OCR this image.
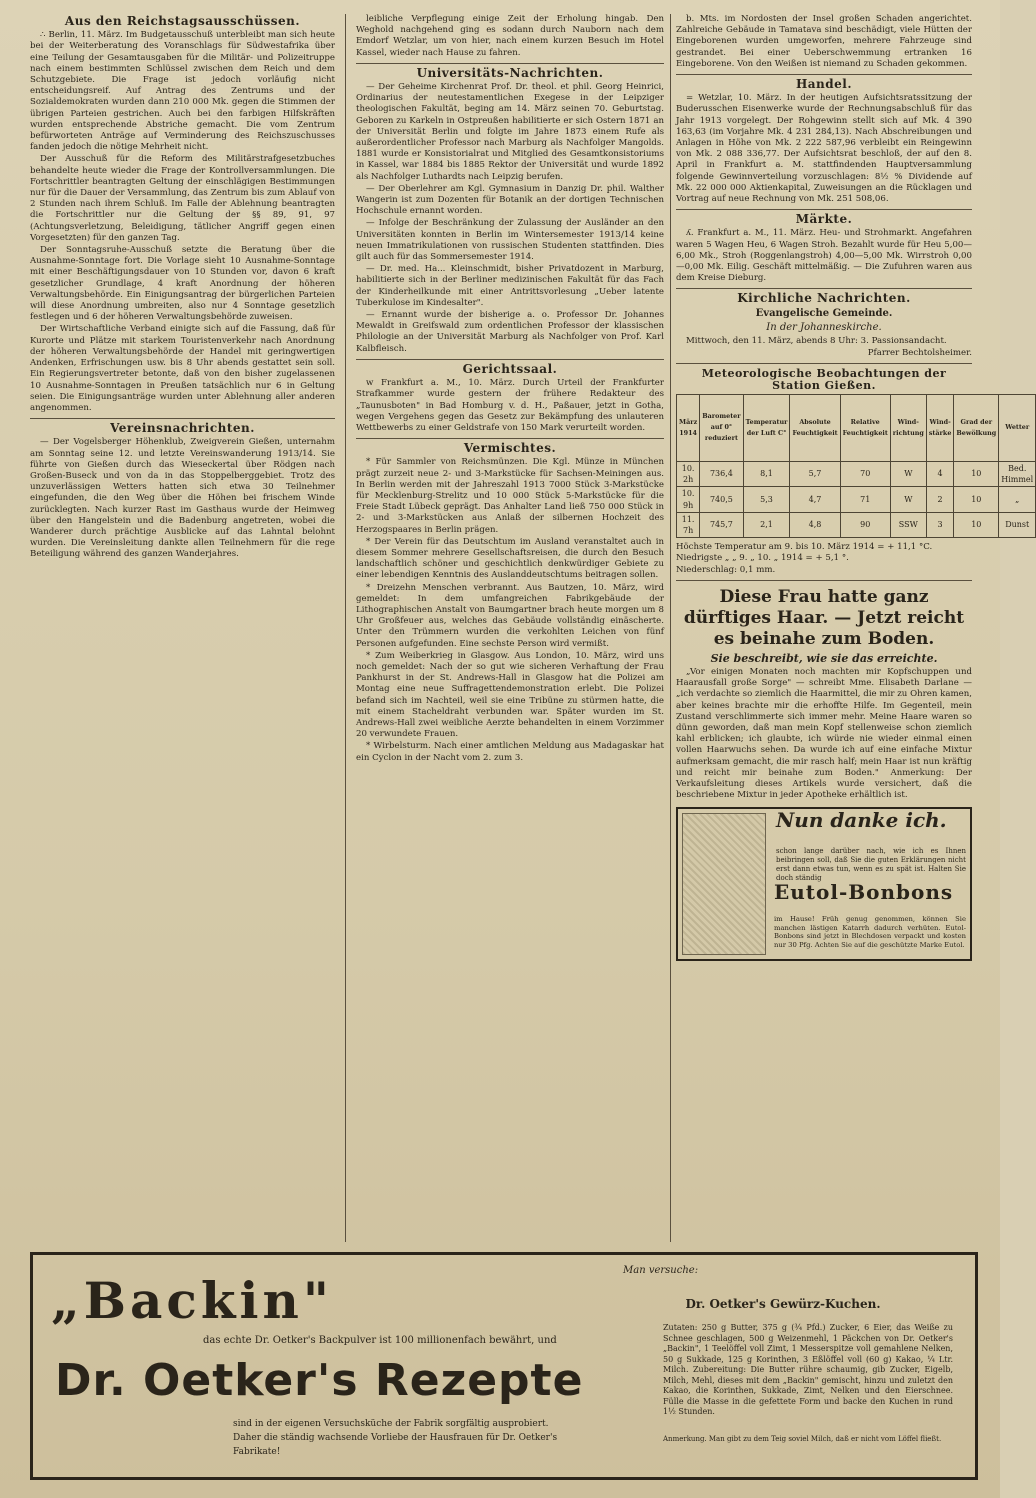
Aus den Reichstagsausschüssen.

∴ Berlin, 11. März. Im Budgetausschuß unterbleibt man sich heute bei der Weiterberatung des Voranschlags für Südwestafrika über eine Teilung der Gesamtausgaben für die Militär- und Polizeitruppe nach einem bestimmten Schlüssel zwischen dem Reich und dem Schutzgebiete. Die Frage ist jedoch vorläufig nicht entscheidungsreif. Auf Antrag des Zentrums und der Sozialdemokraten wurden dann 210 000 Mk. gegen die Stimmen der übrigen Parteien gestrichen. Auch bei den farbigen Hilfskräften wurden entsprechende Abstriche gemacht. Die vom Zentrum befürworteten Anträge auf Verminderung des Reichszuschusses fanden jedoch die nötige Mehrheit nicht.

Der Ausschuß für die Reform des Militärstrafgesetzbuches behandelte heute wieder die Frage der Kontrollversammlungen. Die Fortschrittler beantragten Geltung der einschlägigen Bestimmungen nur für die Dauer der Versammlung, das Zentrum bis zum Ablauf von 2 Stunden nach ihrem Schluß. Im Falle der Ablehnung beantragten die Fortschrittler nur die Geltung der §§ 89, 91, 97 (Achtungsverletzung, Beleidigung, tätlicher Angriff gegen einen Vorgesetzten) für den ganzen Tag.

Der Sonntagsruhe-Ausschuß setzte die Beratung über die Ausnahme-Sonntage fort. Die Vorlage sieht 10 Ausnahme-Sonntage mit einer Beschäftigungsdauer von 10 Stunden vor, davon 6 kraft gesetzlicher Grundlage, 4 kraft Anordnung der höheren Verwaltungsbehörde. Ein Einigungsantrag der bürgerlichen Parteien will diese Anordnung umbreiten, also nur 4 Sonntage gesetzlich festlegen und 6 der höheren Verwaltungsbehörde zuweisen.

Der Wirtschaftliche Verband einigte sich auf die Fassung, daß für Kurorte und Plätze mit starkem Touristenverkehr nach Anordnung der höheren Verwaltungsbehörde der Handel mit geringwertigen Andenken, Erfrischungen usw. bis 8 Uhr abends gestattet sein soll. Ein Regierungsvertreter betonte, daß von den bisher zugelassenen 10 Ausnahme-Sonntagen in Preußen tatsächlich nur 6 in Geltung seien. Die Einigungsanträge wurden unter Ablehnung aller anderen angenommen.

Vereinsnachrichten.

— Der Vogelsberger Höhenklub, Zweigverein Gießen, unternahm am Sonntag seine 12. und letzte Vereinswanderung 1913/14. Sie führte von Gießen durch das Wieseckertal über Rödgen nach Großen-Buseck und von da in das Stoppelberggebiet. Trotz des unzuverlässigen Wetters hatten sich etwa 30 Teilnehmer eingefunden, die den Weg über die Höhen bei frischem Winde zurücklegten. Nach kurzer Rast im Gasthaus wurde der Heimweg über den Hangelstein und die Badenburg angetreten, wobei die Wanderer durch prächtige Ausblicke auf das Lahntal belohnt wurden. Die Vereinsleitung dankte allen Teilnehmern für die rege Beteiligung während des ganzen Wanderjahres.

leibliche Verpflegung einige Zeit der Erholung hingab. Den Weghold nachgehend ging es sodann durch Nauborn nach dem Emdorf Wetzlar, um von hier, nach einem kurzen Besuch im Hotel Kassel, wieder nach Hause zu fahren.

Universitäts-Nachrichten.

— Der Geheime Kirchenrat Prof. Dr. theol. et phil. Georg Heinrici, Ordinarius der neutestamentlichen Exegese in der Leipziger theologischen Fakultät, beging am 14. März seinen 70. Geburtstag. Geboren zu Karkeln in Ostpreußen habilitierte er sich Ostern 1871 an der Universität Berlin und folgte im Jahre 1873 einem Rufe als außerordentlicher Professor nach Marburg als Nachfolger Mangolds. 1881 wurde er Konsistorialrat und Mitglied des Gesamtkonsistoriums in Kassel, war 1884 bis 1885 Rektor der Universität und wurde 1892 als Nachfolger Luthardts nach Leipzig berufen.

— Der Oberlehrer am Kgl. Gymnasium in Danzig Dr. phil. Walther Wangerin ist zum Dozenten für Botanik an der dortigen Technischen Hochschule ernannt worden.

— Infolge der Beschränkung der Zulassung der Ausländer an den Universitäten konnten in Berlin im Wintersemester 1913/14 keine neuen Immatrikulationen von russischen Studenten stattfinden. Dies gilt auch für das Sommersemester 1914.

— Dr. med. Ha... Kleinschmidt, bisher Privatdozent in Marburg, habilitierte sich in der Berliner medizinischen Fakultät für das Fach der Kinderheilkunde mit einer Antrittsvorlesung „Ueber latente Tuberkulose im Kindesalter".

— Ernannt wurde der bisherige a. o. Professor Dr. Johannes Mewaldt in Greifswald zum ordentlichen Professor der klassischen Philologie an der Universität Marburg als Nachfolger von Prof. Karl Kalbfleisch.

Gerichtssaal.

w Frankfurt a. M., 10. März. Durch Urteil der Frankfurter Strafkammer wurde gestern der frühere Redakteur des „Taunusboten" in Bad Homburg v. d. H., Paßauer, jetzt in Gotha, wegen Vergehens gegen das Gesetz zur Bekämpfung des unlauteren Wettbewerbs zu einer Geldstrafe von 150 Mark verurteilt worden.

Vermischtes.

* Für Sammler von Reichsmünzen. Die Kgl. Münze in München prägt zurzeit neue 2- und 3-Markstücke für Sachsen-Meiningen aus. In Berlin werden mit der Jahreszahl 1913 7000 Stück 3-Markstücke für Mecklenburg-Strelitz und 10 000 Stück 5-Markstücke für die Freie Stadt Lübeck geprägt. Das Anhalter Land ließ 750 000 Stück in 2- und 3-Markstücken aus Anlaß der silbernen Hochzeit des Herzogspaares in Berlin prägen.

* Der Verein für das Deutschtum im Ausland veranstaltet auch in diesem Sommer mehrere Gesellschaftsreisen, die durch den Besuch landschaftlich schöner und geschichtlich denkwürdiger Gebiete zu einer lebendigen Kenntnis des Auslanddeutschtums beitragen sollen.

* Dreizehn Menschen verbrannt. Aus Bautzen, 10. März, wird gemeldet: In dem umfangreichen Fabrikgebäude der Lithographischen Anstalt von Baumgartner brach heute morgen um 8 Uhr Großfeuer aus, welches das Gebäude vollständig einäscherte. Unter den Trümmern wurden die verkohlten Leichen von fünf Personen aufgefunden. Eine sechste Person wird vermißt.

* Zum Weiberkrieg in Glasgow. Aus London, 10. März, wird uns noch gemeldet: Nach der so gut wie sicheren Verhaftung der Frau Pankhurst in der St. Andrews-Hall in Glasgow hat die Polizei am Montag eine neue Suffragettendemonstration erlebt. Die Polizei befand sich im Nachteil, weil sie eine Tribüne zu stürmen hatte, die mit einem Stacheldraht verbunden war. Später wurden im St. Andrews-Hall zwei weibliche Aerzte behandelten in einem Vorzimmer 20 verwundete Frauen.

* Wirbelsturm. Nach einer amtlichen Meldung aus Madagaskar hat ein Cyclon in der Nacht vom 2. zum 3.

b. Mts. im Nordosten der Insel großen Schaden angerichtet. Zahlreiche Gebäude in Tamatava sind beschädigt, viele Hütten der Eingeborenen wurden umgeworfen, mehrere Fahrzeuge sind gestrandet. Bei einer Ueberschwemmung ertranken 16 Eingeborene. Von den Weißen ist niemand zu Schaden gekommen.

Handel.

= Wetzlar, 10. März. In der heutigen Aufsichtsratssitzung der Buderusschen Eisenwerke wurde der Rechnungsabschluß für das Jahr 1913 vorgelegt. Der Rohgewinn stellt sich auf Mk. 4 390 163,63 (im Vorjahre Mk. 4 231 284,13). Nach Abschreibungen und Anlagen in Höhe von Mk. 2 222 587,96 verbleibt ein Reingewinn von Mk. 2 088 336,77. Der Aufsichtsrat beschloß, der auf den 8. April in Frankfurt a. M. stattfindenden Hauptversammlung folgende Gewinnverteilung vorzuschlagen: 8½ % Dividende auf Mk. 22 000 000 Aktienkapital, Zuweisungen an die Rücklagen und Vortrag auf neue Rechnung von Mk. 251 508,06.

Märkte.

ʎ. Frankfurt a. M., 11. März. Heu- und Strohmarkt. Angefahren waren 5 Wagen Heu, 6 Wagen Stroh. Bezahlt wurde für Heu 5,00—6,00 Mk., Stroh (Roggenlangstroh) 4,00—5,00 Mk. Wirrstroh 0,00—0,00 Mk. Eilig. Geschäft mittelmäßig. — Die Zufuhren waren aus dem Kreise Dieburg.

Kirchliche Nachrichten.
Evangelische Gemeinde.
In der Johanneskirche.

Mittwoch, den 11. März, abends 8 Uhr: 3. Passionsandacht.

Pfarrer Bechtolsheimer.
Meteorologische Beobachtungen der Station Gießen.
März 1914	Barometer auf 0° reduziert	Temperatur der Luft C°	Absolute Feuchtigkeit	Relative Feuchtigkeit	Wind-richtung	Wind-stärke	Grad der Bewölkung	Wetter
10. 2h	736,4	8,1	5,7	70	W	4	10	Bed. Himmel
10. 9h	740,5	5,3	4,7	71	W	2	10	„
11. 7h	745,7	2,1	4,8	90	SSW	3	10	Dunst
Höchste Temperatur am 9. bis 10. März 1914 = + 11,1 °C.
Niedrigste „ „ 9. „ 10. „ 1914 = + 5,1 °.
Niederschlag: 0,1 mm.
Diese Frau hatte ganz dürftiges Haar. — Jetzt reicht es beinahe zum Boden.
Sie beschreibt, wie sie das erreichte.

„Vor einigen Monaten noch machten mir Kopfschuppen und Haarausfall große Sorge" — schreibt Mme. Elisabeth Darlane — „ich verdachte so ziemlich die Haarmittel, die mir zu Ohren kamen, aber keines brachte mir die erhoffte Hilfe. Im Gegenteil, mein Zustand verschlimmerte sich immer mehr. Meine Haare waren so dünn geworden, daß man mein Kopf stellenweise schon ziemlich kahl erblicken; ich glaubte, ich würde nie wieder einmal einen vollen Haarwuchs sehen. Da wurde ich auf eine einfache Mixtur aufmerksam gemacht, die mir rasch half; mein Haar ist nun kräftig und reicht mir beinahe zum Boden." Anmerkung: Der Verkaufsleitung dieses Artikels wurde versichert, daß die beschriebene Mixtur in jeder Apotheke erhältlich ist.

Nun danke ich.
schon lange darüber nach, wie ich es Ihnen beibringen soll, daß Sie die guten Erklärungen nicht erst dann etwas tun, wenn es zu spät ist. Halten Sie doch ständig
Eutol-Bonbons
im Hause! Früh genug genommen, können Sie manchen lästigen Katarrh dadurch verhüten. Eutol-Bonbons sind jetzt in Blechdosen verpackt und kosten nur 30 Pfg. Achten Sie auf die geschützte Marke Eutol.
„Backin"
das echte Dr. Oetker's Backpulver ist 100 millionenfach bewährt, und
Dr. Oetker's Rezepte
sind in der eigenen Versuchsküche der Fabrik sorgfältig ausprobiert. Daher die ständig wachsende Vorliebe der Hausfrauen für Dr. Oetker's Fabrikate!
Man versuche:
Dr. Oetker's Gewürz-Kuchen.
Zutaten: 250 g Butter, 375 g (¾ Pfd.) Zucker, 6 Eier, das Weiße zu Schnee geschlagen, 500 g Weizenmehl, 1 Päckchen von Dr. Oetker's „Backin", 1 Teelöffel voll Zimt, 1 Messerspitze voll gemahlene Nelken, 50 g Sukkade, 125 g Korinthen, 3 Eßlöffel voll (60 g) Kakao, ¼ Ltr. Milch. Zubereitung: Die Butter rühre schaumig, gib Zucker, Eigelb, Milch, Mehl, dieses mit dem „Backin" gemischt, hinzu und zuletzt den Kakao, die Korinthen, Sukkade, Zimt, Nelken und den Eierschnee. Fülle die Masse in die gefettete Form und backe den Kuchen in rund 1½ Stunden.
Anmerkung. Man gibt zu dem Teig soviel Milch, daß er nicht vom Löffel fließt.
